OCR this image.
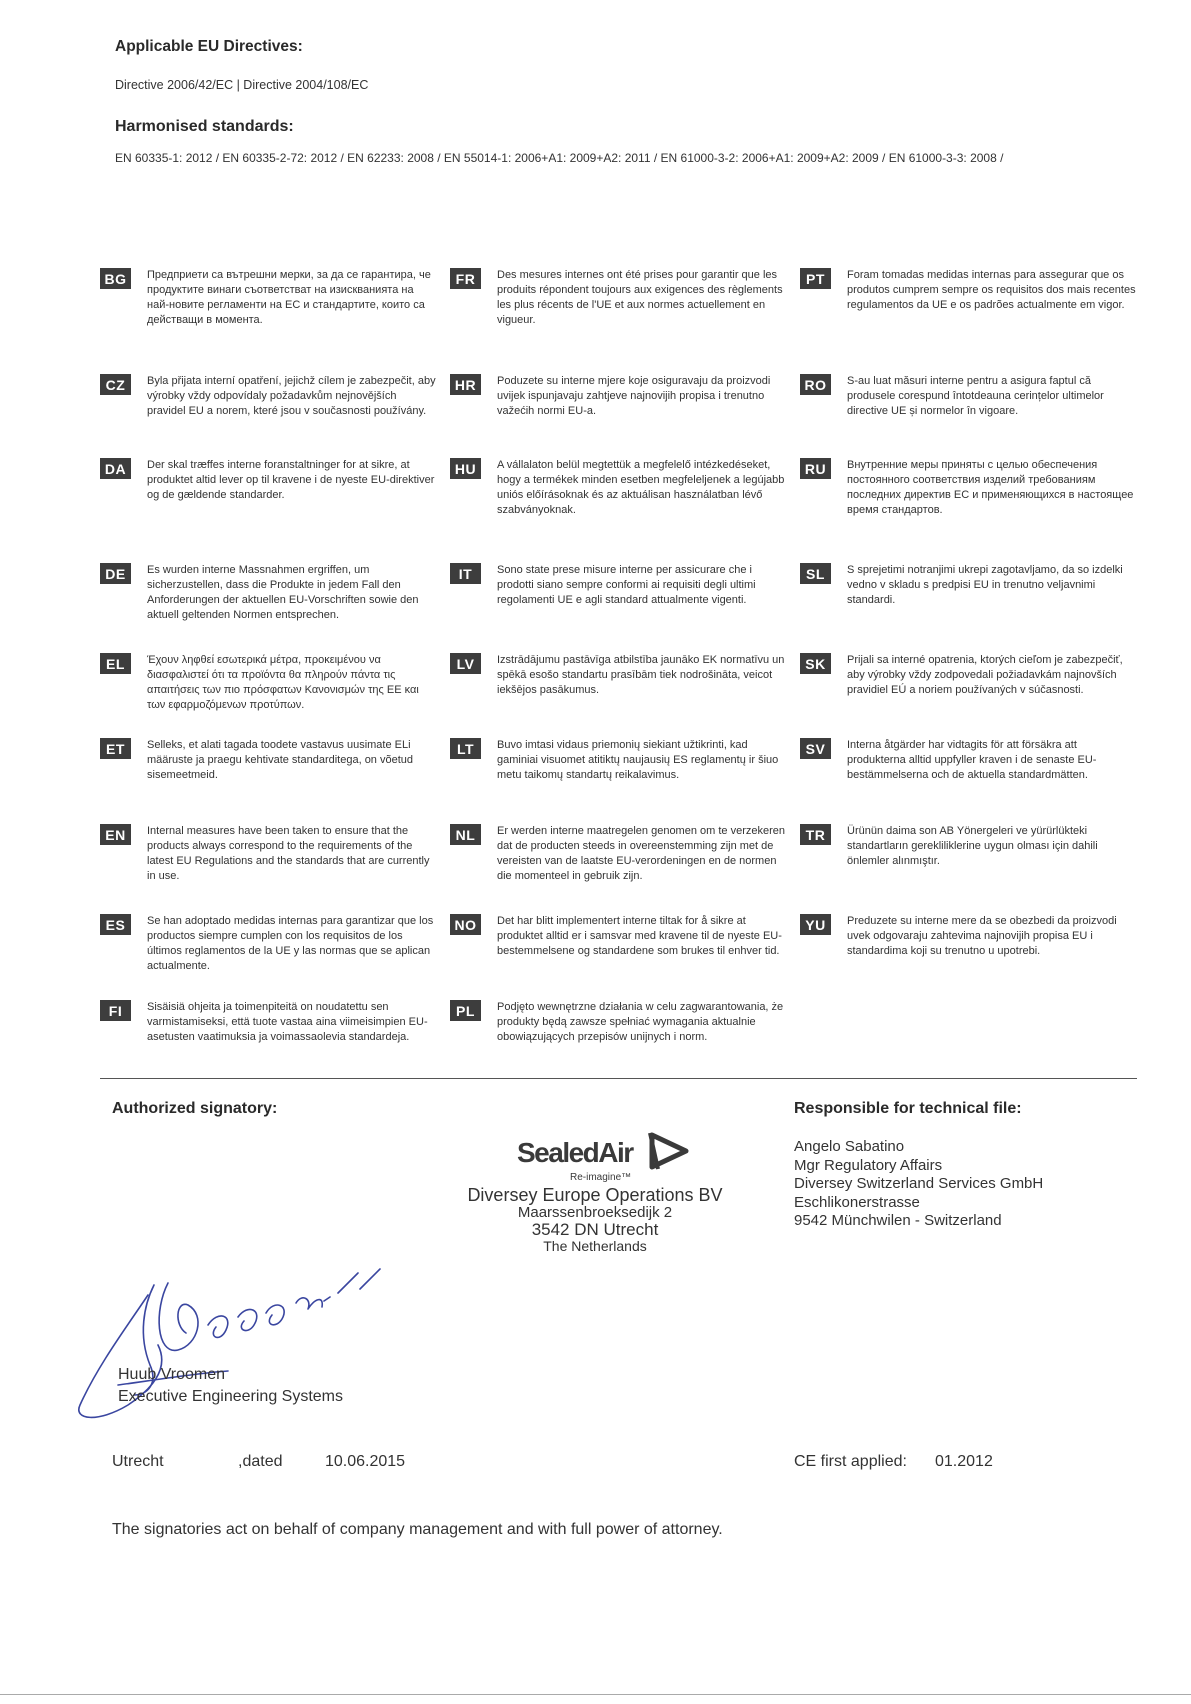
Applicable EU Directives:
Directive 2006/42/EC | Directive 2004/108/EC
Harmonised standards:
EN 60335-1: 2012 / EN 60335-2-72: 2012 / EN 62233: 2008 / EN 55014-1: 2006+A1: 2009+A2: 2011 / EN 61000-3-2: 2006+A1: 2009+A2: 2009 / EN 61000-3-3: 2008 /
BG	Предприети са вътрешни мерки, за да се гарантира, че продуктите винаги съответстват на изискванията на най-новите регламенти на ЕС и стандартите, които са действащи в момента.
CZ	Byla přijata interní opatření, jejichž cílem je zabezpečit, aby výrobky vždy odpovídaly požadavkům nejnovějších pravidel EU a norem, které jsou v současnosti používány.
DA	Der skal træffes interne foranstaltninger for at sikre, at produktet altid lever op til kravene i de nyeste EU-direktiver og de gældende standarder.
DE	Es wurden interne Massnahmen ergriffen, um sicherzustellen, dass die Produkte in jedem Fall den Anforderungen der aktuellen EU-Vorschriften sowie den aktuell geltenden Normen entsprechen.
EL	Έχουν ληφθεί εσωτερικά μέτρα, προκειμένου να διασφαλιστεί ότι τα προϊόντα θα πληρούν πάντα τις απαιτήσεις των πιο πρόσφατων Κανονισμών της ΕΕ και των εφαρμοζόμενων προτύπων.
ET	Selleks, et alati tagada toodete vastavus uusimate ELi määruste ja praegu kehtivate standarditega, on võetud sisemeetmeid.
EN	Internal measures have been taken to ensure that the products always correspond to the requirements of the latest EU Regulations and the standards that are currently in use.
ES	Se han adoptado medidas internas para garantizar que los productos siempre cumplen con los requisitos de los últimos reglamentos de la UE y las normas que se aplican actualmente.
FI	Sisäisiä ohjeita ja toimenpiteitä on noudatettu sen varmistamiseksi, että tuote vastaa aina viimeisimpien EU-asetusten vaatimuksia ja voimassaolevia standardeja.
FR	Des mesures internes ont été prises pour garantir que les produits répondent toujours aux exigences des règlements les plus récents de l'UE et aux normes actuellement en vigueur.
HR	Poduzete su interne mjere koje osiguravaju da proizvodi uvijek ispunjavaju zahtjeve najnovijih propisa i trenutno važećih normi EU-a.
HU	A vállalaton belül megtettük a megfelelő intézkedéseket, hogy a termékek minden esetben megfeleljenek a legújabb uniós előírásoknak és az aktuálisan használatban lévő szabványoknak.
IT	Sono state prese misure interne per assicurare che i prodotti siano sempre conformi ai requisiti degli ultimi regolamenti UE e agli standard attualmente vigenti.
LV	Izstrādājumu pastāvīga atbilstība jaunāko EK normatīvu un spēkā esošo standartu prasībām tiek nodrošināta, veicot iekšējos pasākumus.
LT	Buvo imtasi vidaus priemonių siekiant užtikrinti, kad gaminiai visuomet atitiktų naujausių ES reglamentų ir šiuo metu taikomų standartų reikalavimus.
NL	Er werden interne maatregelen genomen om te verzekeren dat de producten steeds in overeenstemming zijn met de vereisten van de laatste EU-verordeningen en de normen die momenteel in gebruik zijn.
NO	Det har blitt implementert interne tiltak for å sikre at produktet alltid er i samsvar med kravene til de nyeste EU-bestemmelsene og standardene som brukes til enhver tid.
PL	Podjęto wewnętrzne działania w celu zagwarantowania, że produkty będą zawsze spełniać wymagania aktualnie obowiązujących przepisów unijnych i norm.
PT	Foram tomadas medidas internas para assegurar que os produtos cumprem sempre os requisitos dos mais recentes regulamentos da UE e os padrões actualmente em vigor.
RO	S-au luat măsuri interne pentru a asigura faptul că produsele corespund întotdeauna cerințelor ultimelor directive UE și normelor în vigoare.
RU	Внутренние меры приняты с целью обеспечения постоянного соответствия изделий требованиям последних директив ЕС и применяющихся в настоящее время стандартов.
SL	S sprejetimi notranjimi ukrepi zagotavljamo, da so izdelki vedno v skladu s predpisi EU in trenutno veljavnimi standardi.
SK	Prijali sa interné opatrenia, ktorých cieľom je zabezpečiť, aby výrobky vždy zodpovedali požiadavkám najnovších pravidiel EÚ a noriem používaných v súčasnosti.
SV	Interna åtgärder har vidtagits för att försäkra att produkterna alltid uppfyller kraven i de senaste EU-bestämmelserna och de aktuella standardmätten.
TR	Ürünün daima son AB Yönergeleri ve yürürlükteki standartların gerekliliklerine uygun olması için dahili önlemler alınmıştır.
YU	Preduzete su interne mere da se obezbedi da proizvodi uvek odgovaraju zahtevima najnovijih propisa EU i standardima koji su trenutno u upotrebi.
Authorized signatory:
SealedAir
Re-imagine™
Diversey Europe Operations BV
Maarssenbroeksedijk 2
3542 DN Utrecht
The Netherlands
Responsible for technical file:
Angelo Sabatino
Mgr Regulatory Affairs
Diversey Switzerland Services GmbH
Eschlikonerstrasse
9542 Münchwilen - Switzerland
Huub Vroomen
Executive Engineering Systems
Utrecht	,dated	10.06.2015	CE first applied: 01.2012
The signatories act on behalf of company management and with full power of attorney.
